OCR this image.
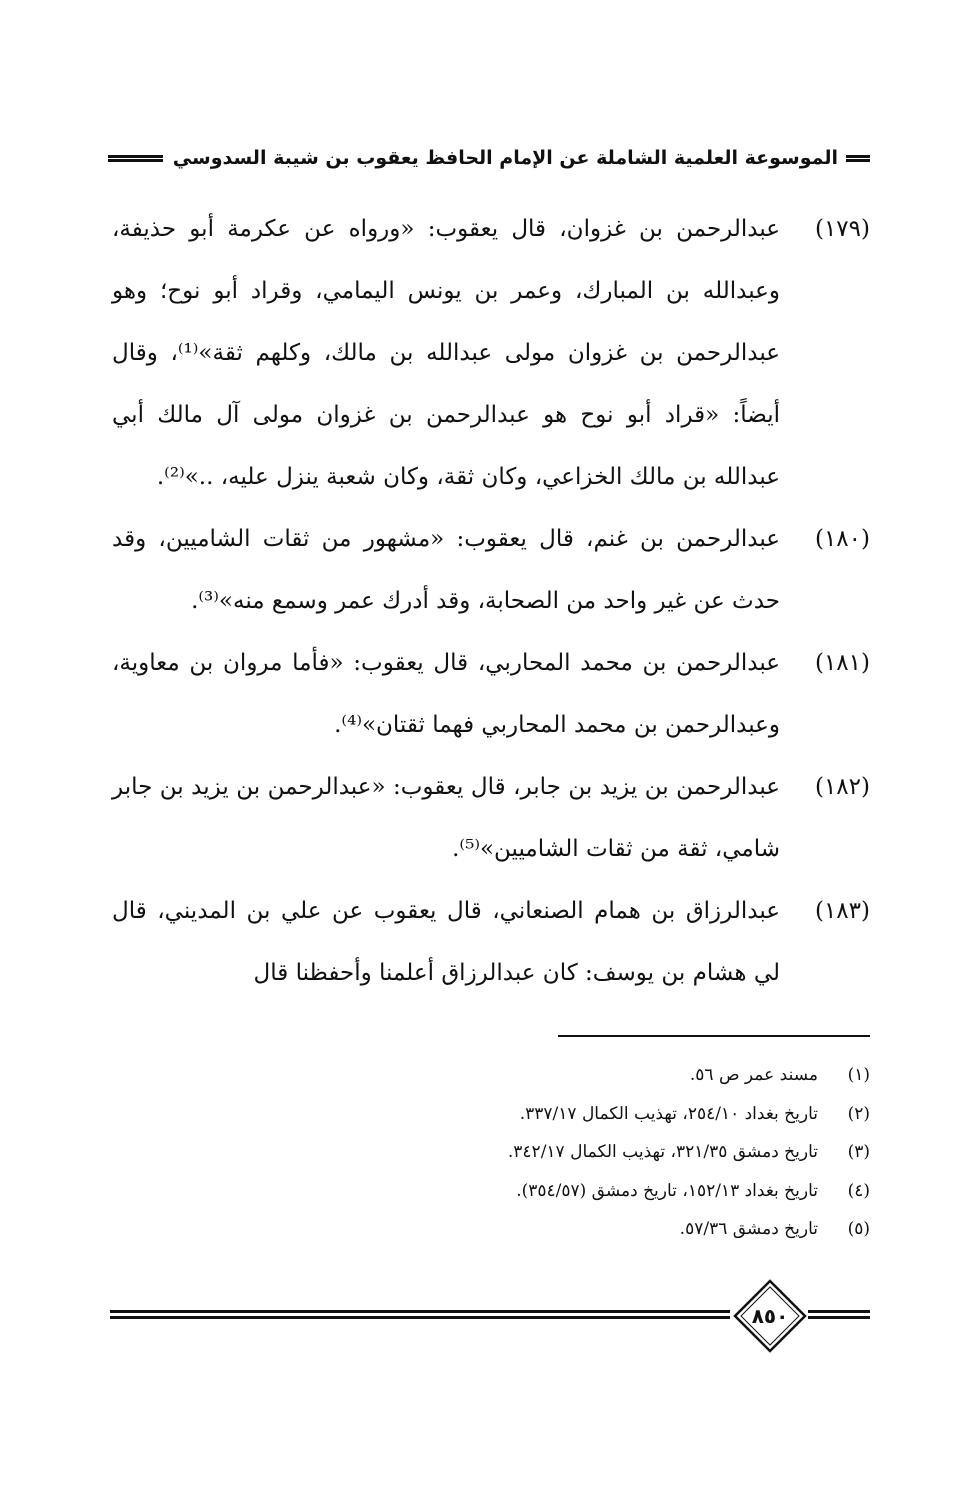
الموسوعة العلمية الشاملة عن الإمام الحافظ يعقوب بن شيبة السدوسي
(١٧٩)
عبدالرحمن بن غزوان، قال يعقوب: «ورواه عن عكرمة أبو حذيفة، وعبدالله بن المبارك، وعمر بن يونس اليمامي، وقراد أبو نوح؛ وهو عبدالرحمن بن غزوان مولى عبدالله بن مالك، وكلهم ثقة»⁽¹⁾، وقال أيضاً: «قراد أبو نوح هو عبدالرحمن بن غزوان مولى آل مالك أبي عبدالله بن مالك الخزاعي، وكان ثقة، وكان شعبة ينزل عليه، ..»⁽²⁾.
(١٨٠)
عبدالرحمن بن غنم، قال يعقوب: «مشهور من ثقات الشاميين، وقد حدث عن غير واحد من الصحابة، وقد أدرك عمر وسمع منه»⁽³⁾.
(١٨١)
عبدالرحمن بن محمد المحاربي، قال يعقوب: «فأما مروان بن معاوية، وعبدالرحمن بن محمد المحاربي فهما ثقتان»⁽⁴⁾.
(١٨٢)
عبدالرحمن بن يزيد بن جابر، قال يعقوب: «عبدالرحمن بن يزيد بن جابر شامي، ثقة من ثقات الشاميين»⁽⁵⁾.
(١٨٣)
عبدالرزاق بن همام الصنعاني، قال يعقوب عن علي بن المديني، قال لي هشام بن يوسف: كان عبدالرزاق أعلمنا وأحفظنا قال
(١)
مسند عمر ص ٥٦.
(٢)
تاريخ بغداد ٢٥٤/١٠، تهذيب الكمال ٣٣٧/١٧.
(٣)
تاريخ دمشق ٣٢١/٣٥، تهذيب الكمال ٣٤٢/١٧.
(٤)
تاريخ بغداد ١٥٢/١٣، تاريخ دمشق (٣٥٤/٥٧).
(٥)
تاريخ دمشق ٥٧/٣٦.
٨٥٠
